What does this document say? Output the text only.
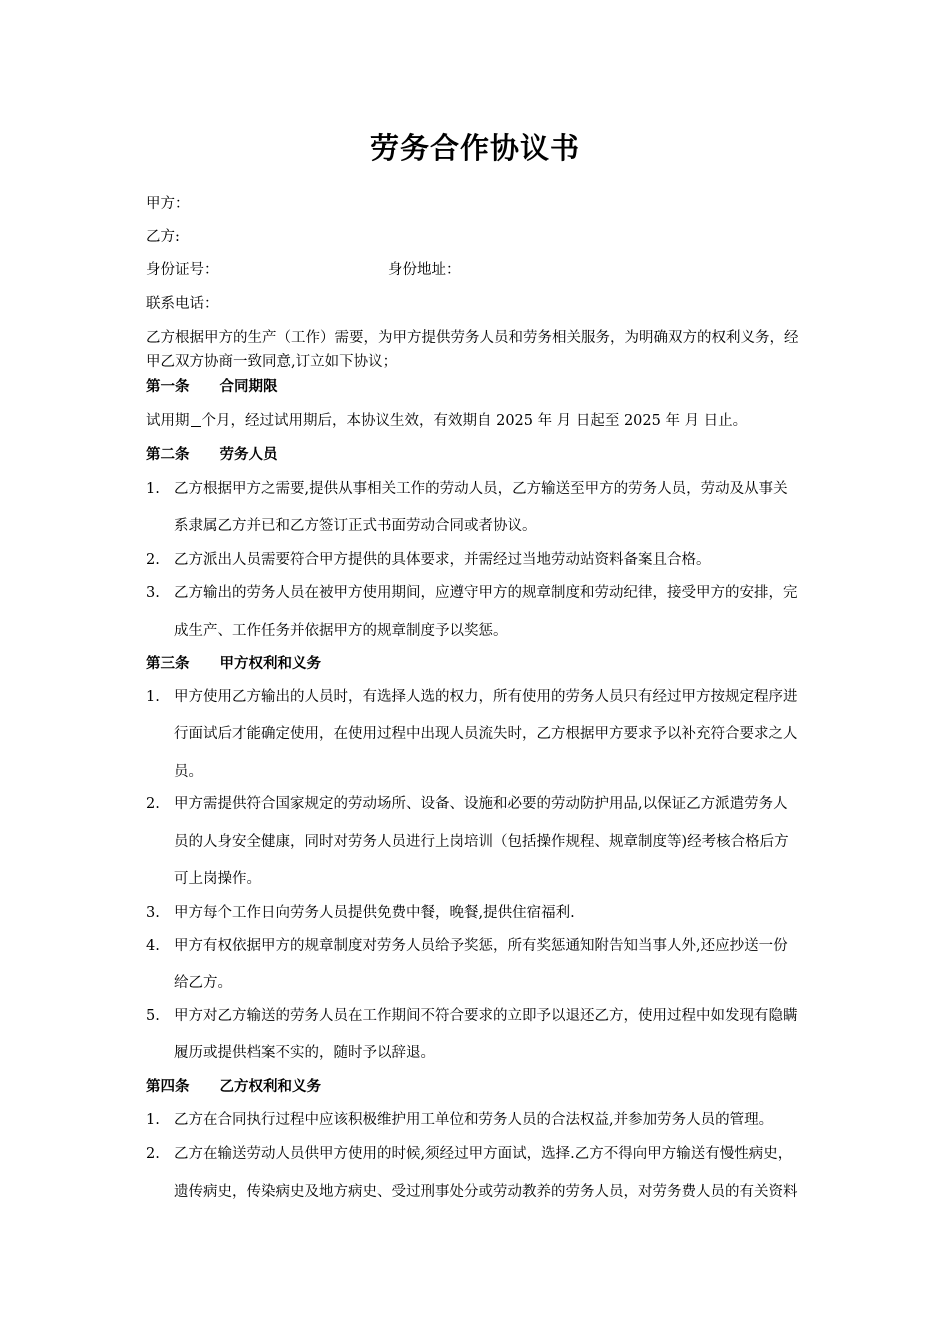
劳务合作协议书
甲方：
乙方:
身份证号：	身份地址：
联系电话：
乙方根据甲方的生产（工作）需要，为甲方提供劳务人员和劳务相关服务，为明确双方的权利义务，经
甲乙双方协商一致同意,订立如下协议；
第一条 合同期限
试用期 个月，经过试用期后，本协议生效，有效期自 2025 年 月 日起至 2025 年 月 日止。
第二条 劳务人员
1. 乙方根据甲方之需要,提供从事相关工作的劳动人员，乙方输送至甲方的劳务人员，劳动及从事关
系隶属乙方并已和乙方签订正式书面劳动合同或者协议。
2. 乙方派出人员需要符合甲方提供的具体要求，并需经过当地劳动站资料备案且合格。
3. 乙方输出的劳务人员在被甲方使用期间，应遵守甲方的规章制度和劳动纪律，接受甲方的安排，完
成生产、工作任务并依据甲方的规章制度予以奖惩。
第三条 甲方权利和义务
1. 甲方使用乙方输出的人员时，有选择人选的权力，所有使用的劳务人员只有经过甲方按规定程序进
行面试后才能确定使用，在使用过程中出现人员流失时，乙方根据甲方要求予以补充符合要求之人
员。
2. 甲方需提供符合国家规定的劳动场所、设备、设施和必要的劳动防护用品,以保证乙方派遣劳务人
员的人身安全健康，同时对劳务人员进行上岗培训（包括操作规程、规章制度等)经考核合格后方
可上岗操作。
3. 甲方每个工作日向劳务人员提供免费中餐，晚餐,提供住宿福利.
4. 甲方有权依据甲方的规章制度对劳务人员给予奖惩，所有奖惩通知附告知当事人外,还应抄送一份
给乙方。
5. 甲方对乙方输送的劳务人员在工作期间不符合要求的立即予以退还乙方，使用过程中如发现有隐瞒
履历或提供档案不实的，随时予以辞退。
第四条 乙方权利和义务
1. 乙方在合同执行过程中应该积极维护用工单位和劳务人员的合法权益,并参加劳务人员的管理。
2. 乙方在输送劳动人员供甲方使用的时候,须经过甲方面试，选择.乙方不得向甲方输送有慢性病史，
遗传病史，传染病史及地方病史、受过刑事处分或劳动教养的劳务人员，对劳务费人员的有关资料
